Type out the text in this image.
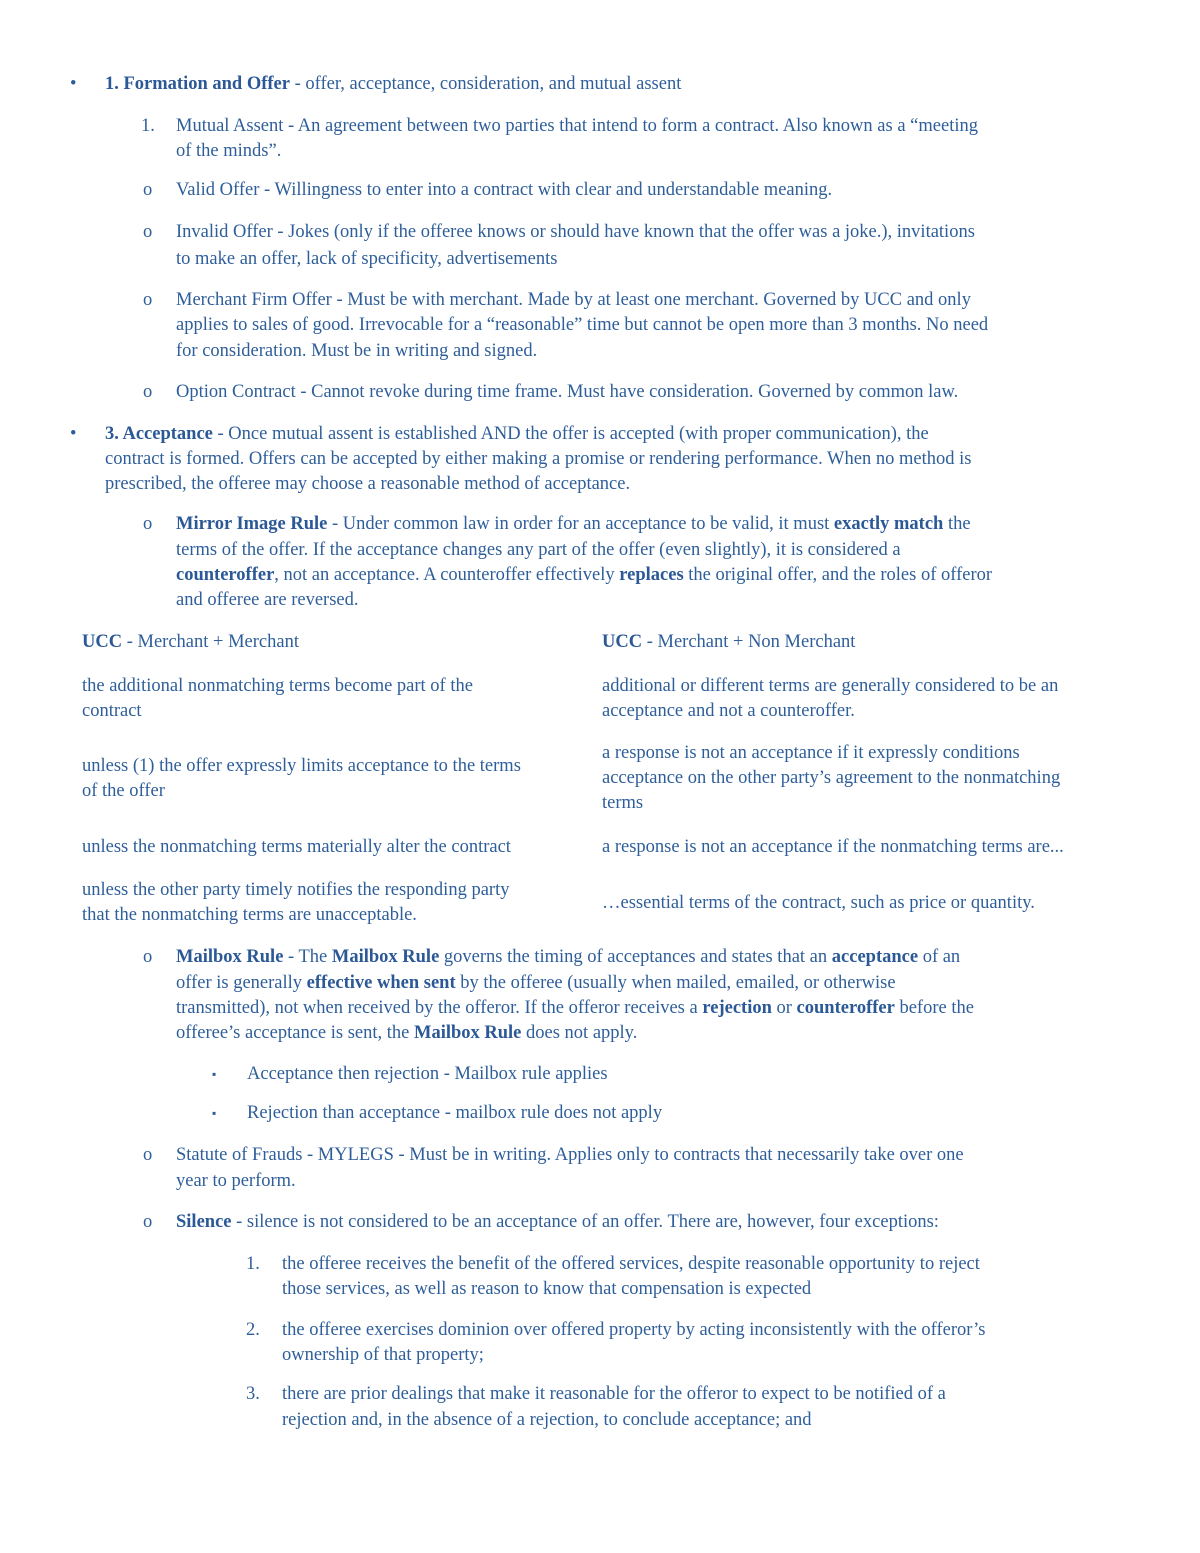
• 1. Formation and Offer - offer, acceptance, consideration, and mutual assent
1. Mutual Assent - An agreement between two parties that intend to form a contract. Also known as a “meeting
of the minds”.
o Valid Offer - Willingness to enter into a contract with clear and understandable meaning.
o Invalid Offer - Jokes (only if the offeree knows or should have known that the offer was a joke.), invitations
to make an offer, lack of specificity, advertisements
o Merchant Firm Offer - Must be with merchant. Made by at least one merchant. Governed by UCC and only
applies to sales of good. Irrevocable for a “reasonable” time but cannot be open more than 3 months. No need
for consideration. Must be in writing and signed.
o Option Contract - Cannot revoke during time frame. Must have consideration. Governed by common law.
• 3. Acceptance - Once mutual assent is established AND the offer is accepted (with proper communication), the
contract is formed. Offers can be accepted by either making a promise or rendering performance. When no method is
prescribed, the offeree may choose a reasonable method of acceptance.
o Mirror Image Rule - Under common law in order for an acceptance to be valid, it must exactly match the
terms of the offer. If the acceptance changes any part of the offer (even slightly), it is considered a
counteroffer, not an acceptance. A counteroffer effectively replaces the original offer, and the roles of offeror
and offeree are reversed.
UCC - Merchant + Merchant	UCC - Merchant + Non Merchant
the additional nonmatching terms become part of the
contract
additional or different terms are generally considered to be an
acceptance and not a counteroffer.
unless (1) the offer expressly limits acceptance to the terms
of the offer
a response is not an acceptance if it expressly conditions
acceptance on the other party’s agreement to the nonmatching
terms
unless the nonmatching terms materially alter the contract	a response is not an acceptance if the nonmatching terms are...
unless the other party timely notifies the responding party
that the nonmatching terms are unacceptable.
…essential terms of the contract, such as price or quantity.
o Mailbox Rule - The Mailbox Rule governs the timing of acceptances and states that an acceptance of an
offer is generally effective when sent by the offeree (usually when mailed, emailed, or otherwise
transmitted), not when received by the offeror. If the offeror receives a rejection or counteroffer before the
offeree’s acceptance is sent, the Mailbox Rule does not apply.
▪ Acceptance then rejection - Mailbox rule applies
▪ Rejection than acceptance - mailbox rule does not apply
o Statute of Frauds - MYLEGS - Must be in writing. Applies only to contracts that necessarily take over one
year to perform.
o Silence - silence is not considered to be an acceptance of an offer. There are, however, four exceptions:
1. the offeree receives the benefit of the offered services, despite reasonable opportunity to reject
those services, as well as reason to know that compensation is expected
2. the offeree exercises dominion over offered property by acting inconsistently with the offeror’s
ownership of that property;
3. there are prior dealings that make it reasonable for the offeror to expect to be notified of a
rejection and, in the absence of a rejection, to conclude acceptance; and
